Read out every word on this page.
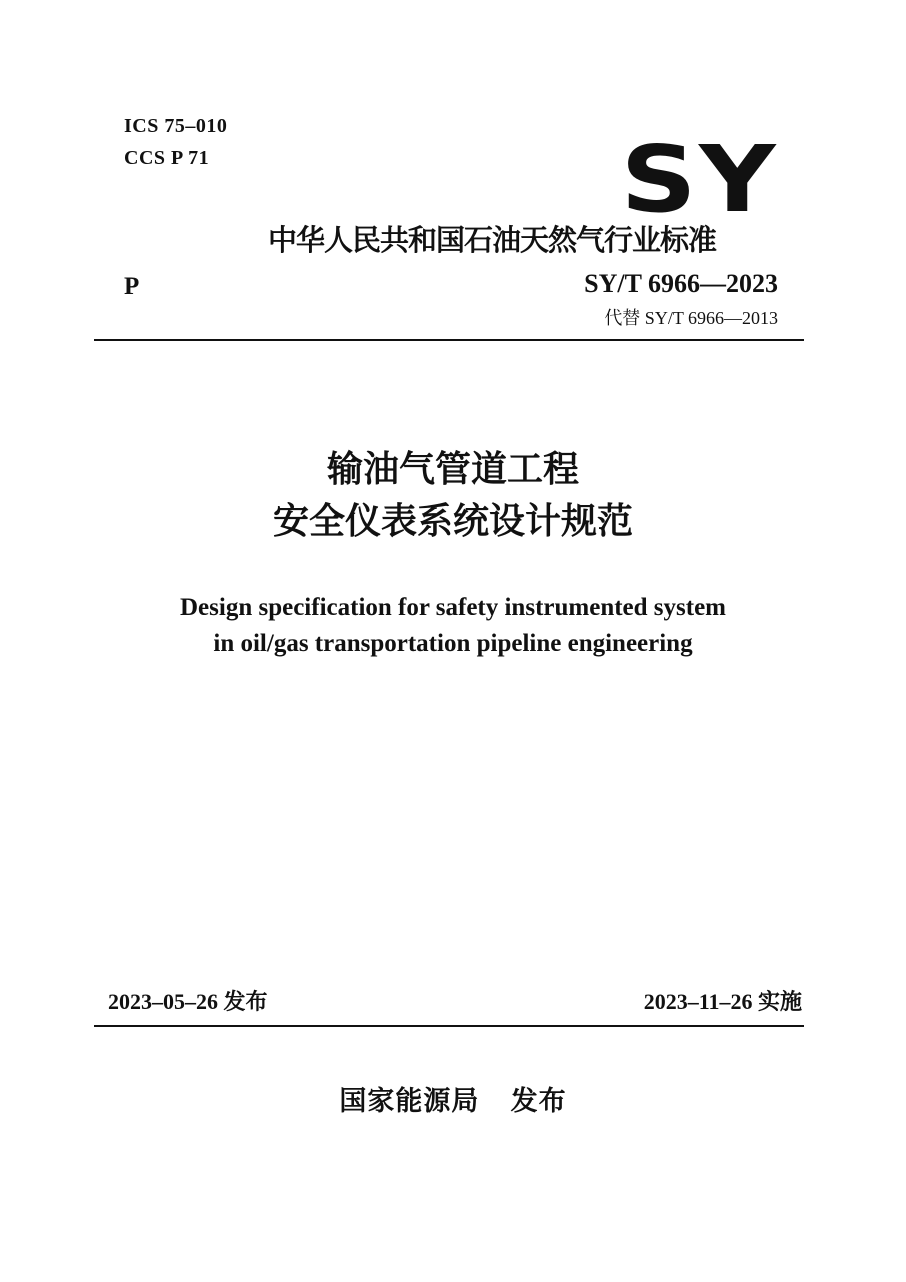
ICS 75–010
CCS P 71	SY
中华人民共和国石油天然气行业标准
P	SY/T 6966—2023
代替 SY/T 6966—2013
输油气管道工程
安全仪表系统设计规范
Design specification for safety instrumented system
in oil/gas transportation pipeline engineering
2023–05–26 发布	2023–11–26 实施
国家能源局   发布
